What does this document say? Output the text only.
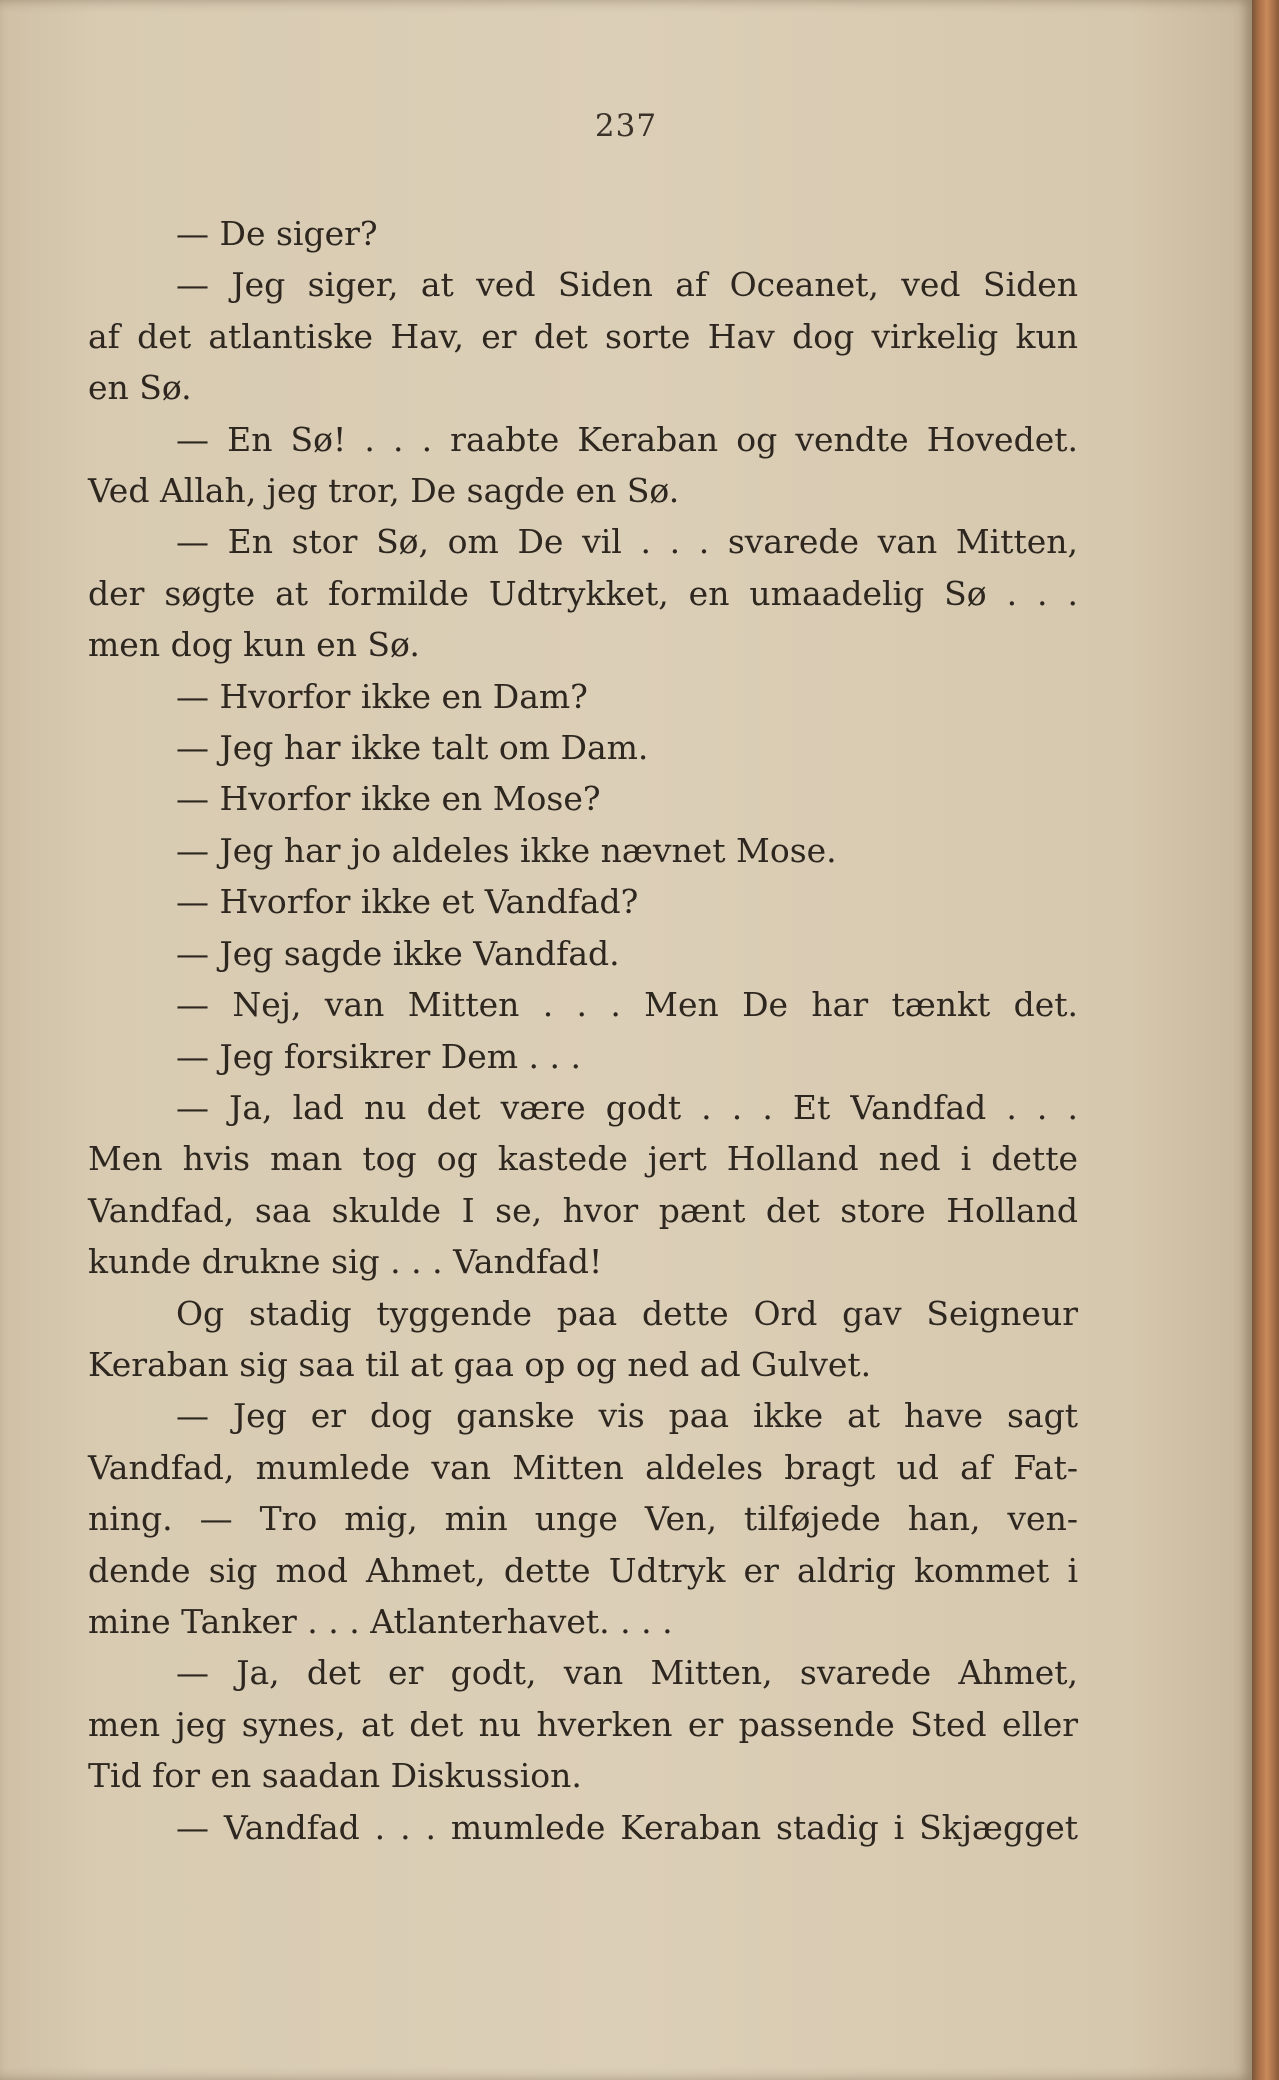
237
— De siger?
— Jeg siger, at ved Siden af Oceanet, ved Siden
af det atlantiske Hav, er det sorte Hav dog virkelig kun
en Sø.
— En Sø! . . . raabte Keraban og vendte Hovedet.
Ved Allah, jeg tror, De sagde en Sø.
— En stor Sø, om De vil . . . svarede van Mitten,
der søgte at formilde Udtrykket, en umaadelig Sø . . .
men dog kun en Sø.
— Hvorfor ikke en Dam?
— Jeg har ikke talt om Dam.
— Hvorfor ikke en Mose?
— Jeg har jo aldeles ikke nævnet Mose.
— Hvorfor ikke et Vandfad?
— Jeg sagde ikke Vandfad.
— Nej, van Mitten . . . Men De har tænkt det.
— Jeg forsikrer Dem . . .
— Ja, lad nu det være godt . . . Et Vandfad . . .
Men hvis man tog og kastede jert Holland ned i dette
Vandfad, saa skulde I se, hvor pænt det store Holland
kunde drukne sig . . . Vandfad!
Og stadig tyggende paa dette Ord gav Seigneur
Keraban sig saa til at gaa op og ned ad Gulvet.
— Jeg er dog ganske vis paa ikke at have sagt
Vandfad, mumlede van Mitten aldeles bragt ud af Fat-
ning. — Tro mig, min unge Ven, tilføjede han, ven-
dende sig mod Ahmet, dette Udtryk er aldrig kommet i
mine Tanker . . . Atlanterhavet. . . .
— Ja, det er godt, van Mitten, svarede Ahmet,
men jeg synes, at det nu hverken er passende Sted eller
Tid for en saadan Diskussion.
— Vandfad . . . mumlede Keraban stadig i Skjægget
